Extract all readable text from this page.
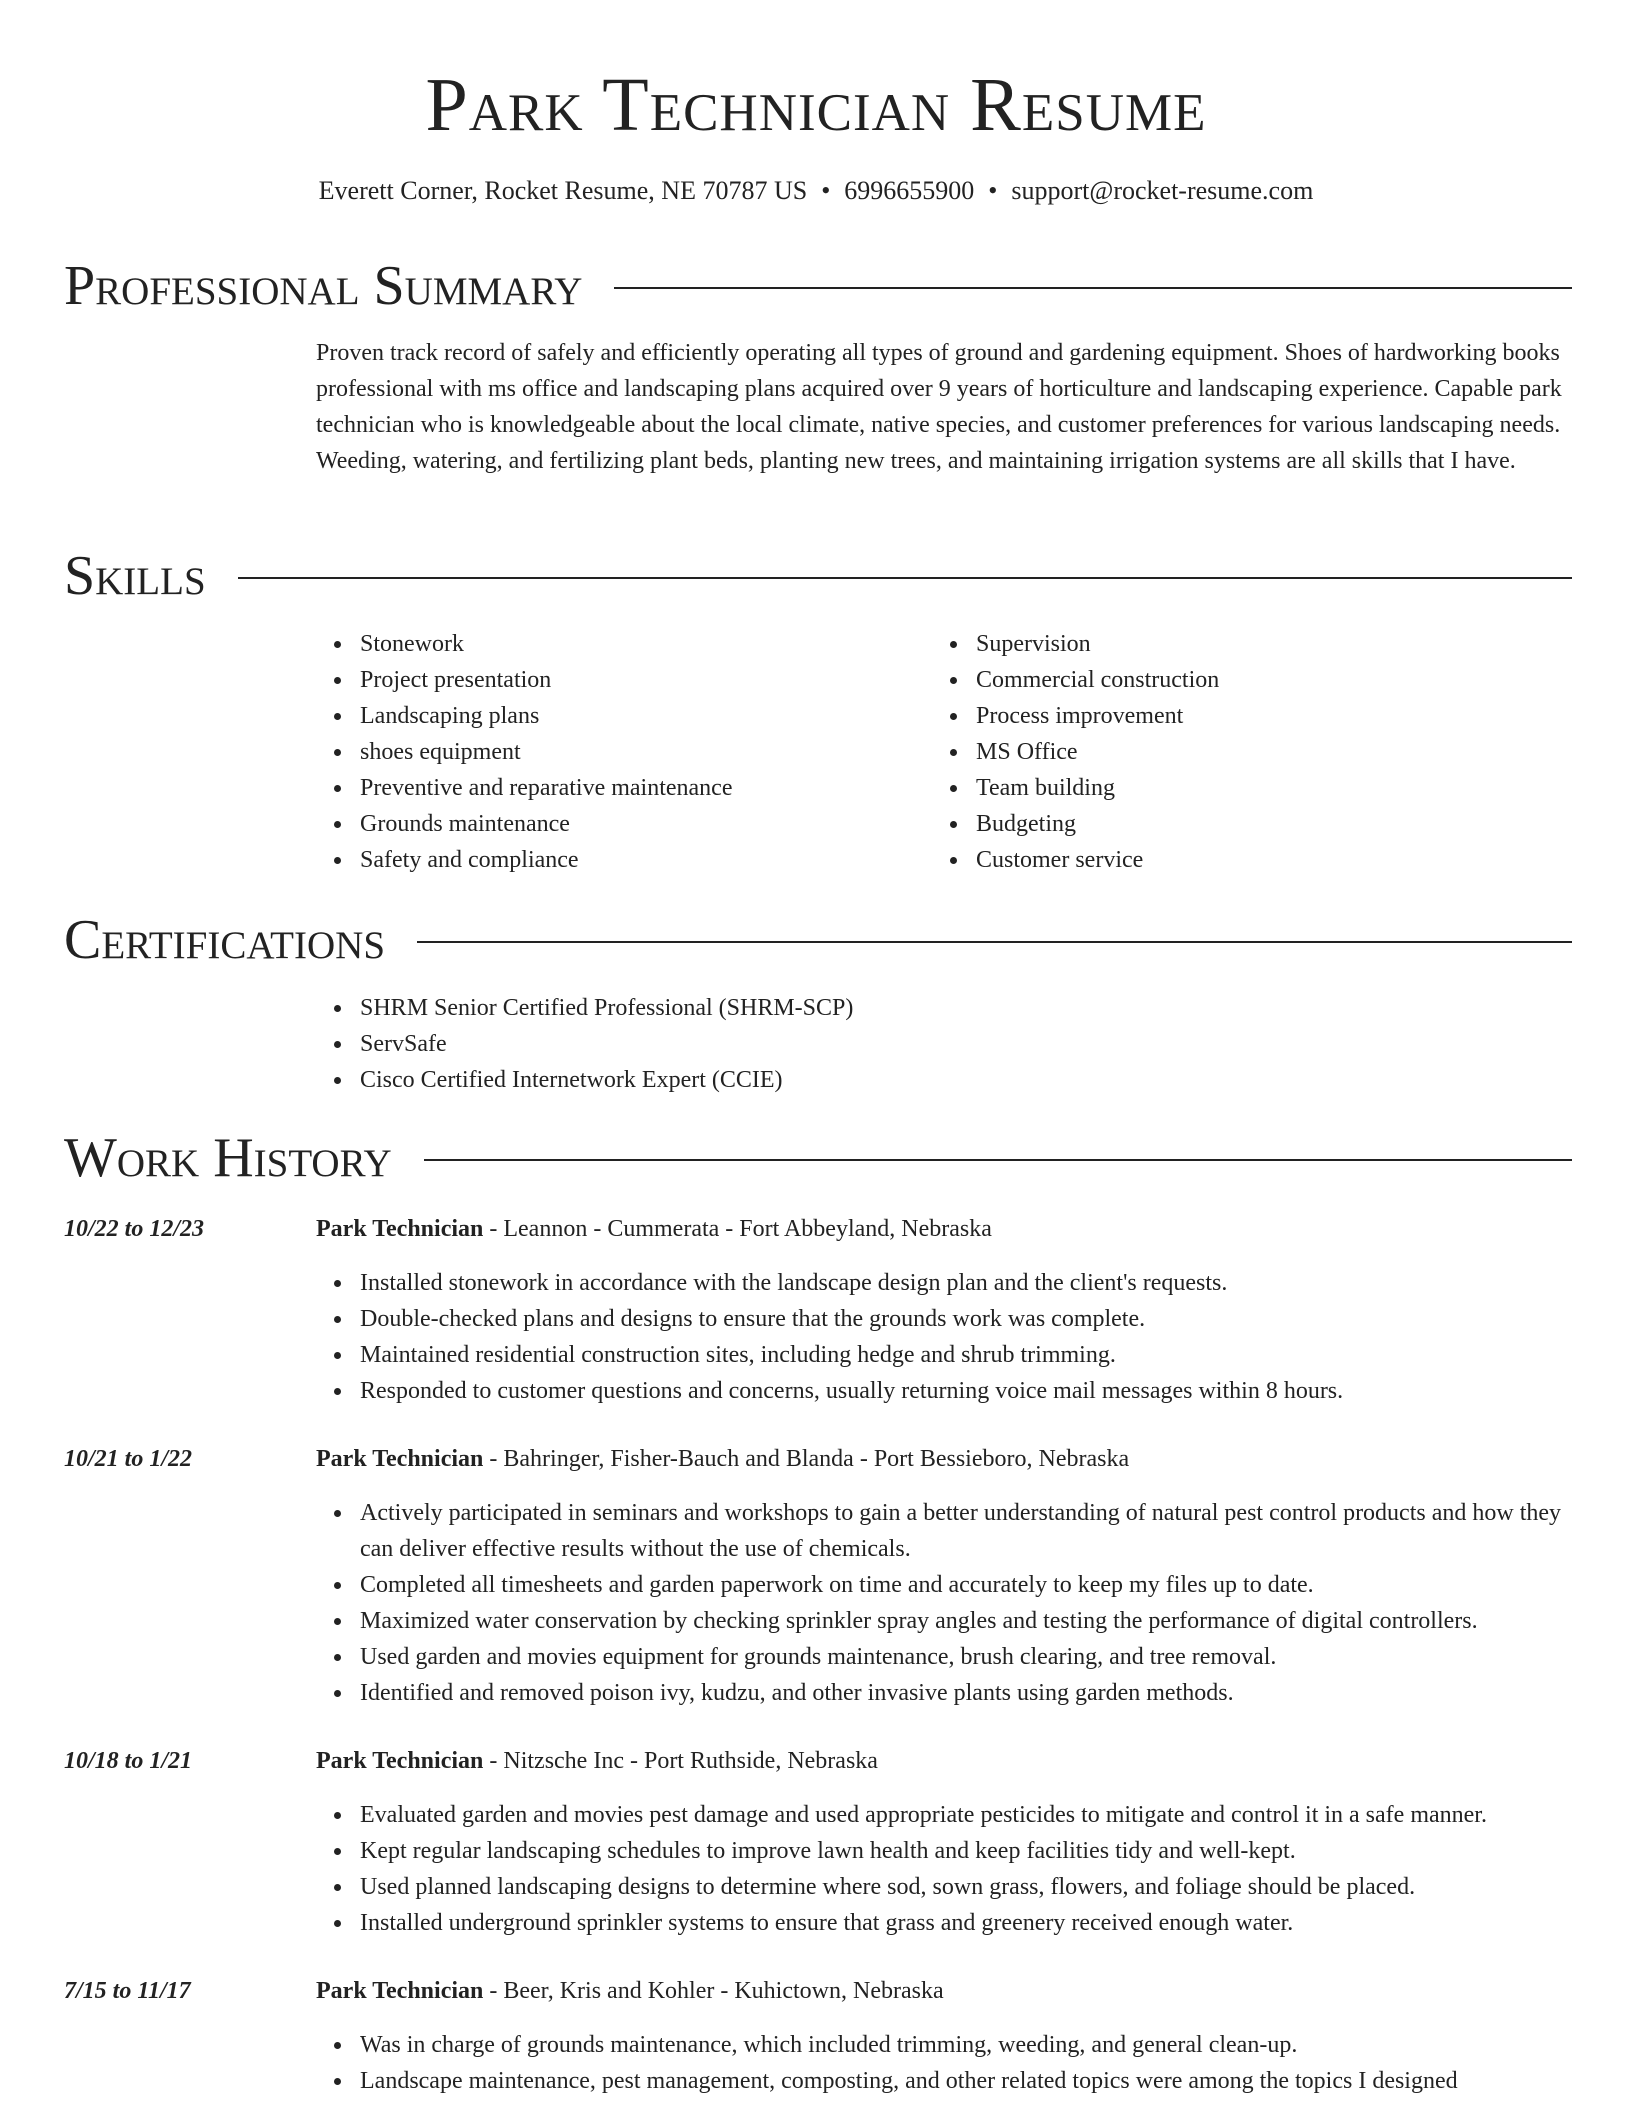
Park Technician Resume
Everett Corner, Rocket Resume, NE 70787 US • 6996655900 • support@rocket-resume.com
Professional Summary
Proven track record of safely and efficiently operating all types of ground and gardening equipment. Shoes of hardworking books professional with ms office and landscaping plans acquired over 9 years of horticulture and landscaping experience. Capable park technician who is knowledgeable about the local climate, native species, and customer preferences for various landscaping needs. Weeding, watering, and fertilizing plant beds, planting new trees, and maintaining irrigation systems are all skills that I have.
Skills
Stonework
Project presentation
Landscaping plans
shoes equipment
Preventive and reparative maintenance
Grounds maintenance
Safety and compliance
Supervision
Commercial construction
Process improvement
MS Office
Team building
Budgeting
Customer service
Certifications
SHRM Senior Certified Professional (SHRM-SCP)
ServSafe
Cisco Certified Internetwork Expert (CCIE)
Work History
10/22 to 12/23	Park Technician - Leannon - Cummerata - Fort Abbeyland, Nebraska
Installed stonework in accordance with the landscape design plan and the client's requests.
Double-checked plans and designs to ensure that the grounds work was complete.
Maintained residential construction sites, including hedge and shrub trimming.
Responded to customer questions and concerns, usually returning voice mail messages within 8 hours.
10/21 to 1/22	Park Technician - Bahringer, Fisher-Bauch and Blanda - Port Bessieboro, Nebraska
Actively participated in seminars and workshops to gain a better understanding of natural pest control products and how they can deliver effective results without the use of chemicals.
Completed all timesheets and garden paperwork on time and accurately to keep my files up to date.
Maximized water conservation by checking sprinkler spray angles and testing the performance of digital controllers.
Used garden and movies equipment for grounds maintenance, brush clearing, and tree removal.
Identified and removed poison ivy, kudzu, and other invasive plants using garden methods.
10/18 to 1/21	Park Technician - Nitzsche Inc - Port Ruthside, Nebraska
Evaluated garden and movies pest damage and used appropriate pesticides to mitigate and control it in a safe manner.
Kept regular landscaping schedules to improve lawn health and keep facilities tidy and well-kept.
Used planned landscaping designs to determine where sod, sown grass, flowers, and foliage should be placed.
Installed underground sprinkler systems to ensure that grass and greenery received enough water.
7/15 to 11/17	Park Technician - Beer, Kris and Kohler - Kuhictown, Nebraska
Was in charge of grounds maintenance, which included trimming, weeding, and general clean-up.
Landscape maintenance, pest management, composting, and other related topics were among the topics I designed
